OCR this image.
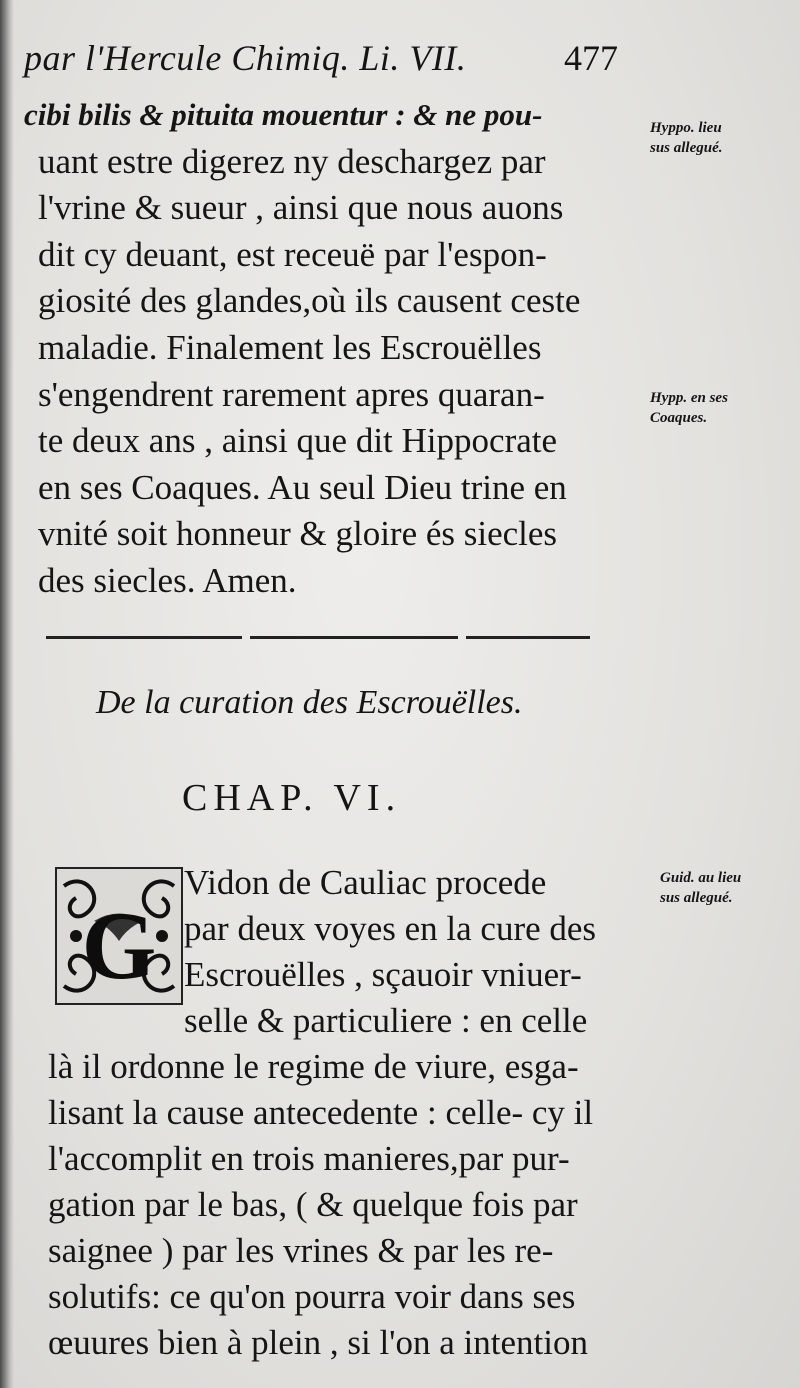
par l'Hercule Chimiq. Li. VII.	477
cibi bilis & pituita mouentur : & ne pou-
uant estre digerez ny deschargez par
l'vrine & sueur , ainsi que nous auons
dit cy deuant, est receuë par l'espon-
giosité des glandes,où ils causent ceste
maladie. Finalement les Escrouëlles
s'engendrent rarement apres quaran-
te deux ans , ainsi que dit Hippocrate
en ses Coaques. Au seul Dieu trine en
vnité soit honneur & gloire és siecles
des siecles. Amen.
Hyppo. lieu
sus allegué.
Hypp. en ses
Coaques.
Guid. au lieu
sus allegué.
De la curation des Escrouëlles.
CHAP. VI.
G
Vidon de Cauliac procede
par deux voyes en la cure des
Escrouëlles , sçauoir vniuer-
selle & particuliere : en celle
là il ordonne le regime de viure, esga-
lisant la cause antecedente : celle- cy il
l'accomplit en trois manieres,par pur-
gation par le bas, ( & quelque fois par
saignee ) par les vrines & par les re-
solutifs: ce qu'on pourra voir dans ses
œuures bien à plein , si l'on a intention
